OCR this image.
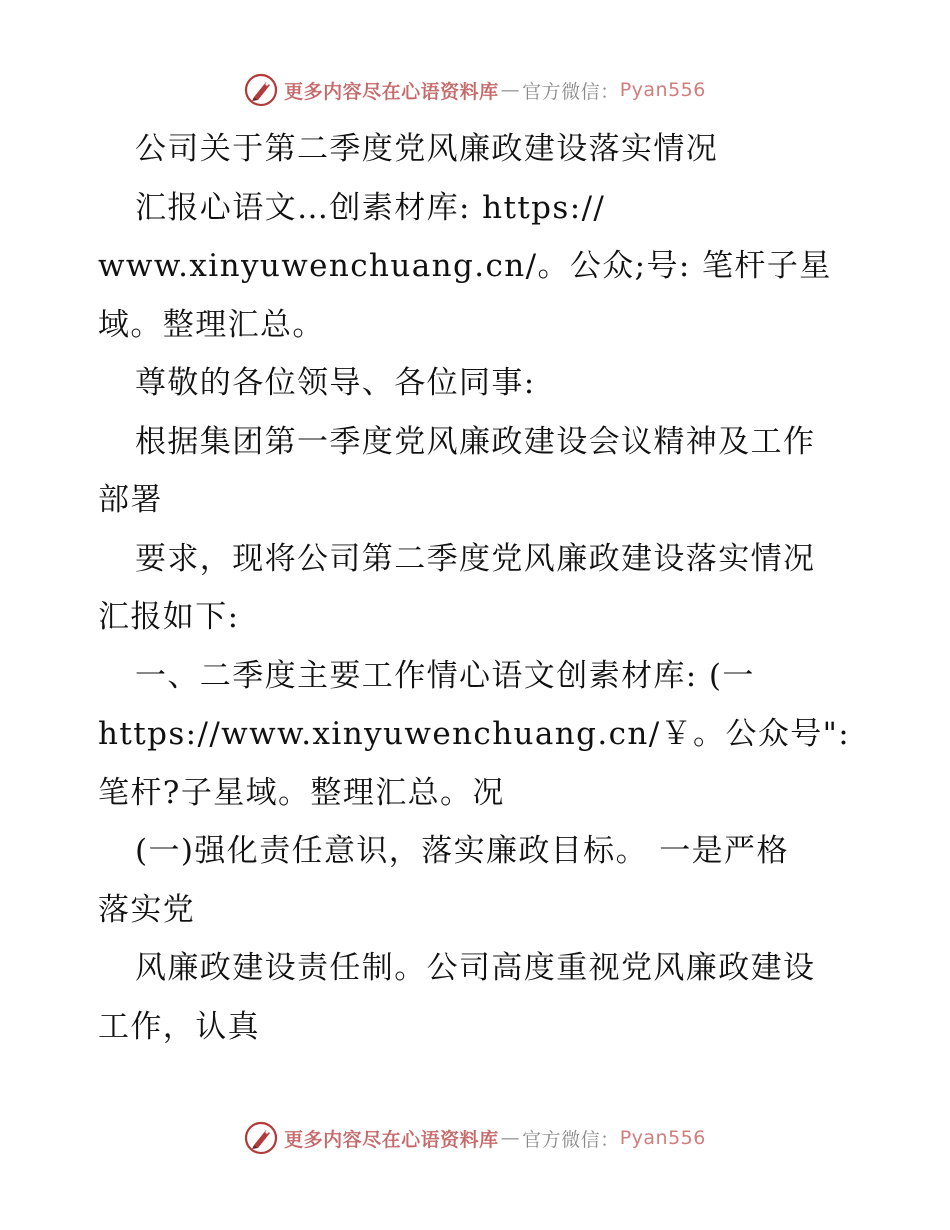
更多内容尽在心语资料库 — 官方微信： Pyan556
公司关于第二季度党风廉政建设落实情况
汇报心语文…创素材库: https://
www.xinyuwenchuang.cn/。公众;号: 笔杆子星
域。整理汇总。
尊敬的各位领导、各位同事:
根据集团第一季度党风廉政建设会议精神及工作
部署
要求，现将公司第二季度党风廉政建设落实情况
汇报如下:
一、二季度主要工作情心语文创素材库: (一
https://www.xinyuwenchuang.cn/￥。公众号":
笔杆?子星域。整理汇总。况
(一)强化责任意识，落实廉政目标。 一是严格
落实党
风廉政建设责任制。公司高度重视党风廉政建设
工作，认真
更多内容尽在心语资料库 — 官方微信： Pyan556
